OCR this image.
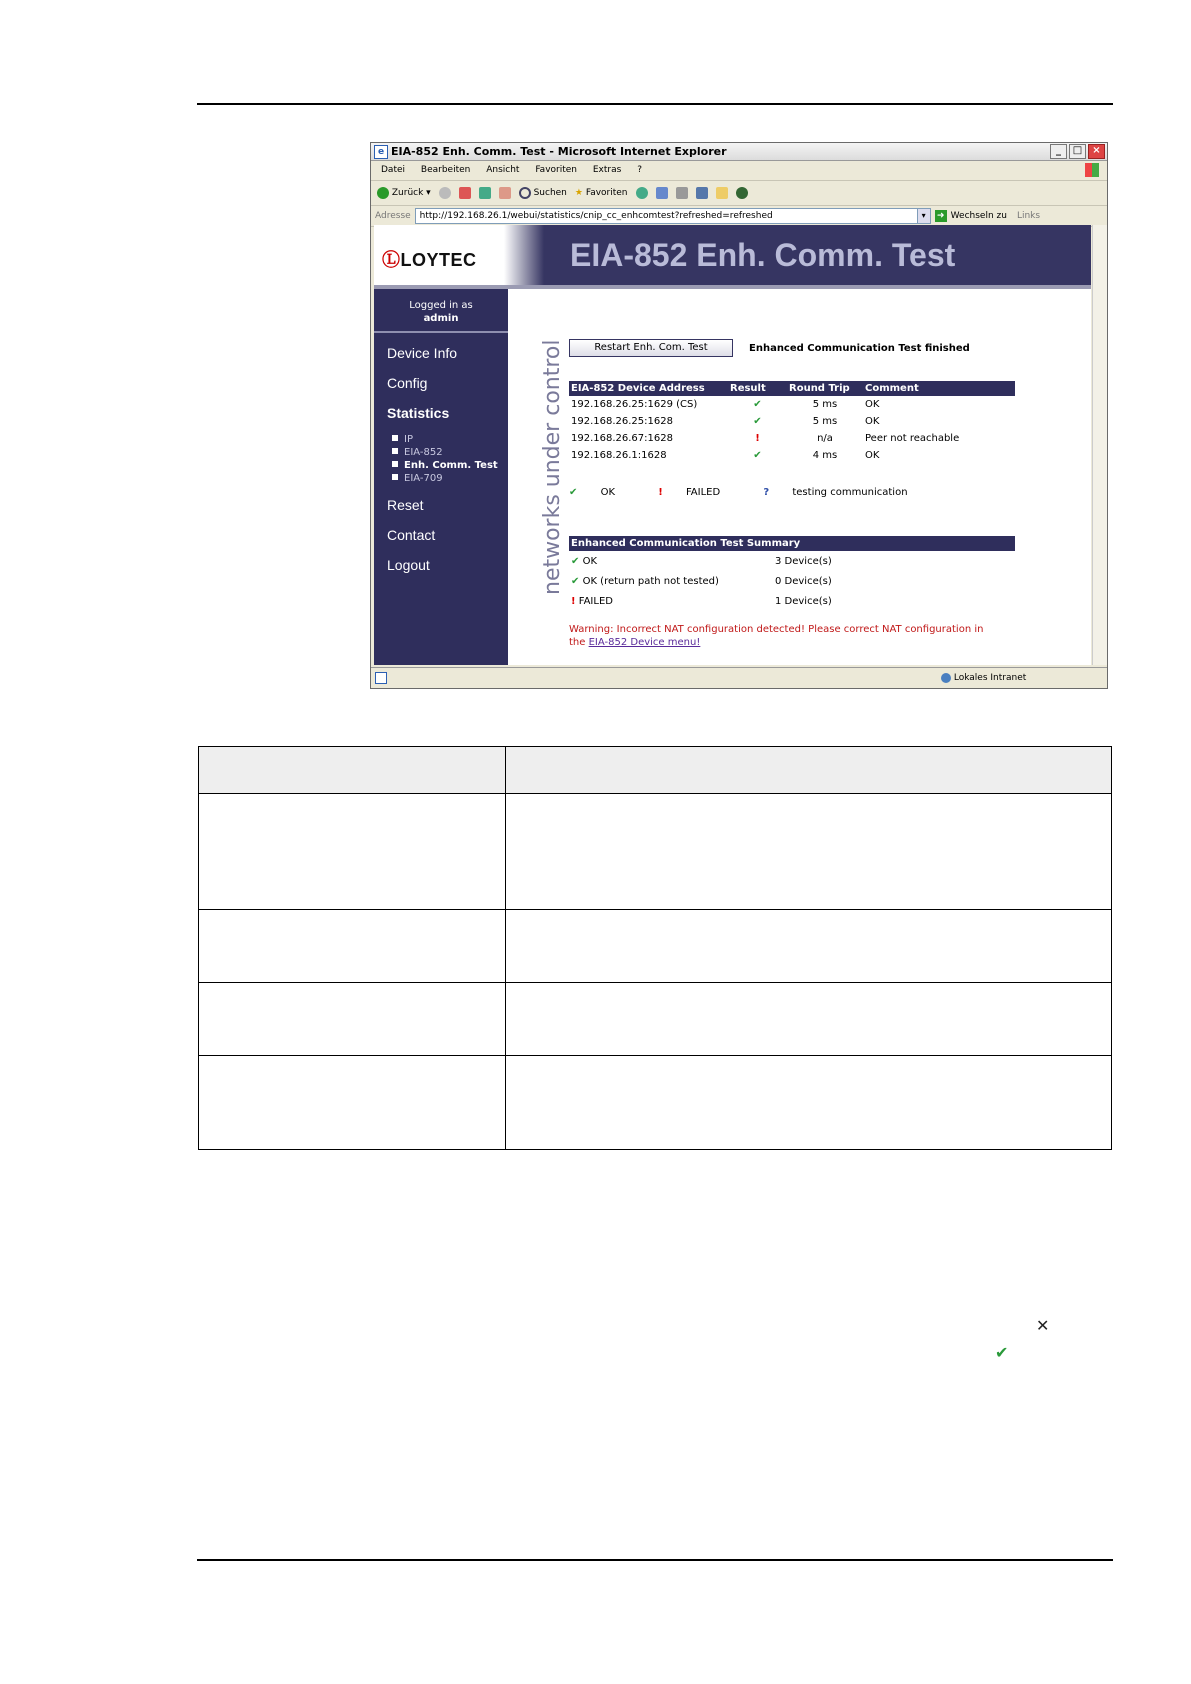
e EIA-852 Enh. Comm. Test - Microsoft Internet Explorer	_	□	×
Datei Bearbeiten Ansicht Favoriten Extras ?
Zurück ▾	Suchen ★ Favoriten
Adresse	http://192.168.26.1/webui/statistics/cnip_cc_enhcomtest?refreshed=refreshed	▾	➜ Wechseln zu Links
ⓁLOYTEC	EIA-852 Enh. Comm. Test
Logged in as
admin
Device Info
Config
Statistics
IP
EIA-852
Enh. Comm. Test
EIA-709
Reset
Contact
Logout	networks under control	Restart Enh. Com. Test	Enhanced Communication Test finished
EIA-852 Device Address	Result	Round Trip	Comment
192.168.26.25:1629 (CS)	✔	5 ms	OK
192.168.26.25:1628	✔	5 ms	OK
192.168.26.67:1628	!	n/a	Peer not reachable
192.168.26.1:1628	✔	4 ms	OK
✔ OK	! FAILED	? testing communication
Enhanced Communication Test Summary	
✔ OK	3 Device(s)
✔ OK (return path not tested)	0 Device(s)
! FAILED	1 Device(s)
Warning: Incorrect NAT configuration detected! Please correct NAT configuration in the EIA-852 Device menu!
Lokales Intranet

✕
✔
